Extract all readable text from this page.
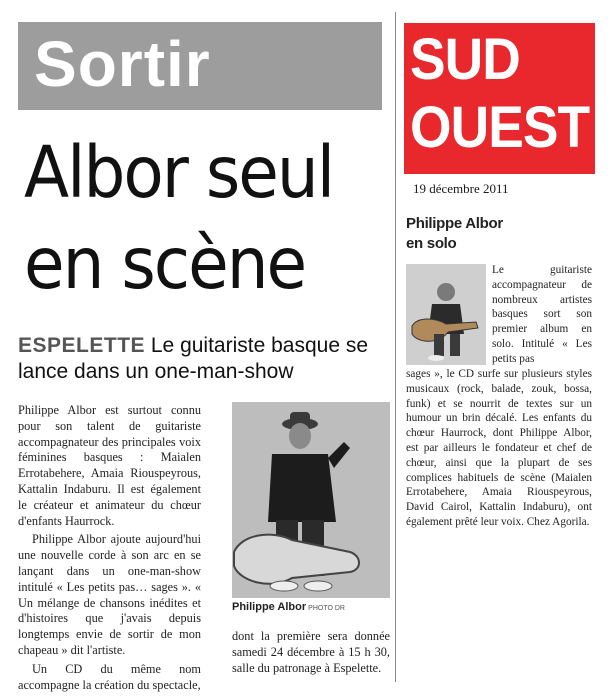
Sortir
Albor seul
en scène
ESPELETTE Le guitariste basque se lance dans un one-man-show

Philippe Albor est surtout connu pour son talent de guitariste accompagnateur des principales voix féminines basques : Maialen Errotabehere, Amaia Riouspeyrous, Kattalin Indaburu. Il est également le créateur et animateur du chœur d'enfants Haurrock.

Philippe Albor ajoute aujourd'hui une nouvelle corde à son arc en se lançant dans un one-man-show intitulé « Les petits pas… sages ». « Un mélange de chansons inédites et d'histoires que j'avais depuis longtemps envie de sortir de mon chapeau » dit l'artiste.

Un CD du même nom accompagne la création du spectacle,

Philippe Albor PHOTO DR
dont la première sera donnée samedi 24 décembre à 15 h 30, salle du patronage à Espelette.
SUD
OUEST
19 décembre 2011
Philippe Albor
en solo
Le guitariste accompagnateur de nombreux artistes basques sort son premier album en solo. Intitulé « Les petits pas
sages », le CD surfe sur plusieurs styles musicaux (rock, balade, zouk, bossa, funk) et se nourrit de textes sur un humour un brin décalé. Les enfants du chœur Haurrock, dont Philippe Albor, est par ailleurs le fondateur et chef de chœur, ainsi que la plupart de ses complices habituels de scène (Maialen Errotabehere, Amaia Riouspeyrous, David Cairol, Kattalin Indaburu), ont également prêté leur voix. Chez Agorila.
